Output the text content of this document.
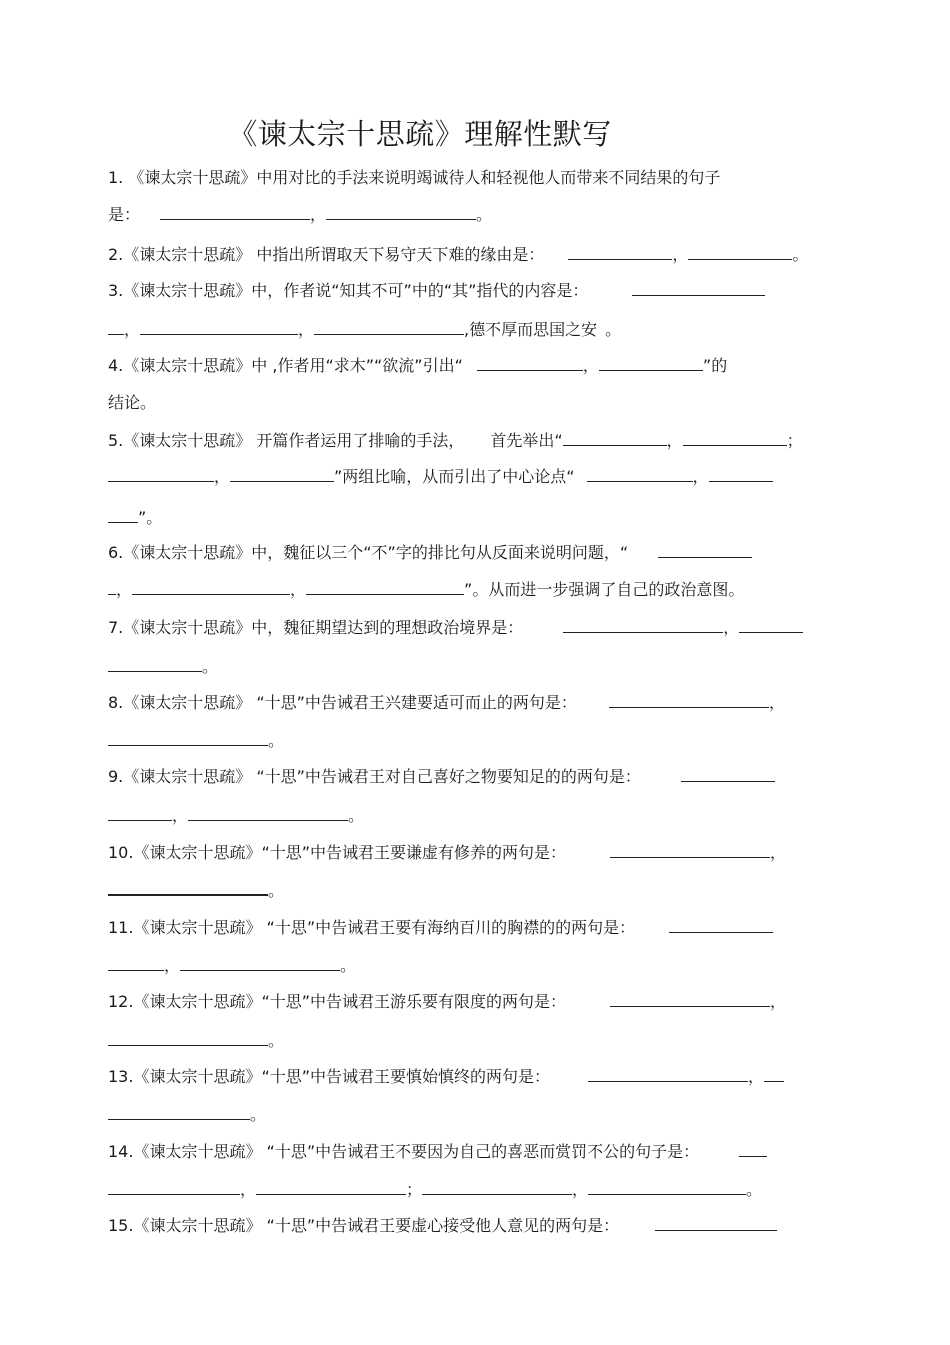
《谏太宗十思疏》理解性默写
1. 《谏太宗十思疏》中用对比的手法来说明竭诚待人和轻视他人而带来不同结果的句子
是：	，	。
2.《谏太宗十思疏》 中指出所谓取天下易守天下难的缘由是：	，	。
3.《谏太宗十思疏》中，作者说“知其不可”中的“其”指代的内容是：
，	，	,德不厚而思国之安 。
4.《谏太宗十思疏》中 ,作者用“求木”“欲流”引出“	，	”的
结论。
5.《谏太宗十思疏》 开篇作者运用了排喻的手法， 首先举出“	，	；
，	”两组比喻，从而引出了中心论点“	，
”。
6.《谏太宗十思疏》中，魏征以三个“不”字的排比句从反面来说明问题，“
，	，	”。从而进一步强调了自己的政治意图。
7.《谏太宗十思疏》中，魏征期望达到的理想政治境界是：	，
。
8.《谏太宗十思疏》 “十思”中告诫君王兴建要适可而止的两句是：	，
。
9.《谏太宗十思疏》 “十思”中告诫君王对自己喜好之物要知足的的两句是：
，	。
10.《谏太宗十思疏》“十思”中告诫君王要谦虚有修养的两句是：	，
。
11.《谏太宗十思疏》 “十思”中告诫君王要有海纳百川的胸襟的的两句是：
，	。
12.《谏太宗十思疏》“十思”中告诫君王游乐要有限度的两句是：	，
。
13.《谏太宗十思疏》“十思”中告诫君王要慎始慎终的两句是：	，
。
14.《谏太宗十思疏》 “十思”中告诫君王不要因为自己的喜恶而赏罚不公的句子是：
，	；	，	。
15.《谏太宗十思疏》 “十思”中告诫君王要虚心接受他人意见的两句是：
